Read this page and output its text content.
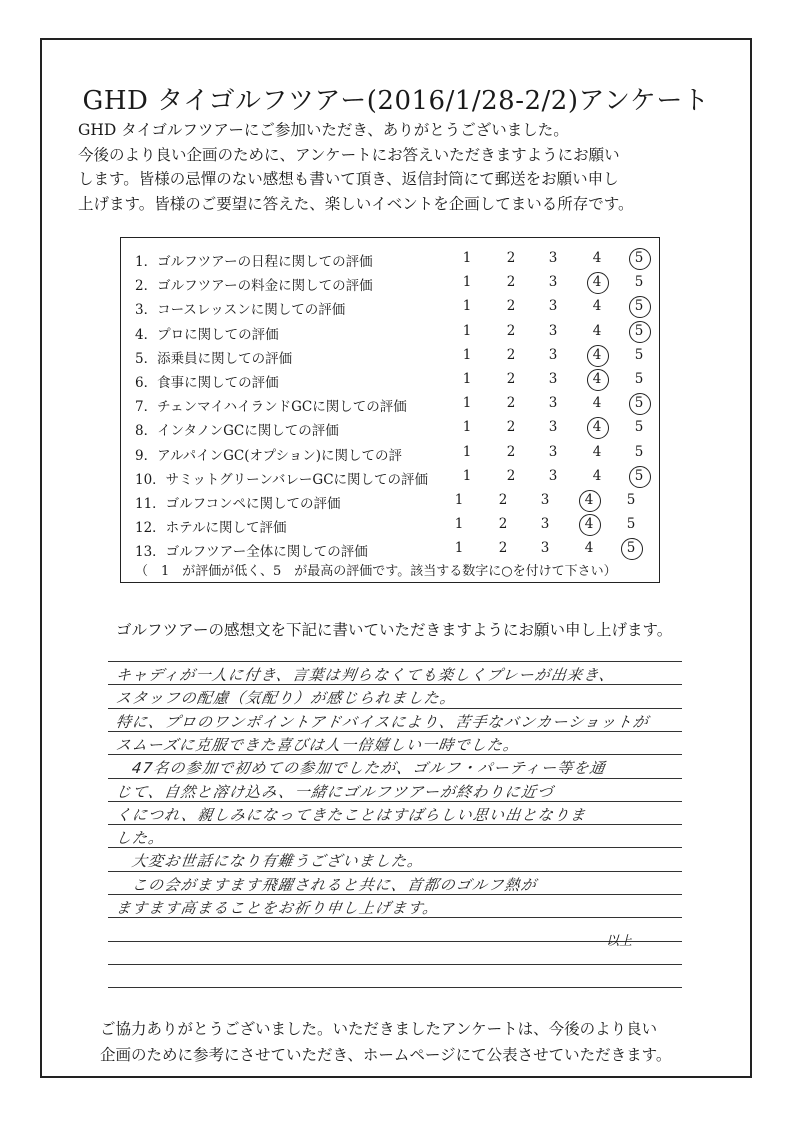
GHD タイゴルフツアー(2016/1/28-2/2)アンケート
GHD タイゴルフツアーにご参加いただき、ありがとうございました。
今後のより良い企画のために、アンケートにお答えいただきますようにお願い
します。皆様の忌憚のない感想も書いて頂き、返信封筒にて郵送をお願い申し
上げます。皆様のご要望に答えた、楽しいイベントを企画してまいる所存です。
（　1　が評価が低く、5　が最高の評価です。該当する数字に○を付けて下さい）
1．ゴルフツアーの日程に関しての評価	1	2	3	4	5
2．ゴルフツアーの料金に関しての評価	1	2	3	4	5
3．コースレッスンに関しての評価	1	2	3	4	5
4．プロに関しての評価	1	2	3	4	5
5．添乗員に関しての評価	1	2	3	4	5
6．食事に関しての評価	1	2	3	4	5
7．チェンマイハイランドGCに関しての評価	1	2	3	4	5
8．インタノンGCに関しての評価	1	2	3	4	5
9．アルパインGC(オプション)に関しての評	1	2	3	4	5
10．サミットグリーンバレーGCに関しての評価	1	2	3	4	5
11．ゴルフコンペに関しての評価	1	2	3	4	5
12．ホテルに関して評価	1	2	3	4	5
13．ゴルフツアー全体に関しての評価	1	2	3	4	5
ゴルフツアーの感想文を下記に書いていただきますようにお願い申し上げます。
キャディが一人に付き、言葉は判らなくても楽しくプレーが出来き、
スタッフの配慮（気配り）が感じられました。
特に、プロのワンポイントアドバイスにより、苦手なバンカーショットが
スムーズに克服できた喜びは人一倍嬉しい一時でした。
47名の参加で初めての参加でしたが、ゴルフ・パーティー等を通
じて、自然と溶け込み、一緒にゴルフツアーが終わりに近づ
くにつれ、親しみになってきたことはすばらしい思い出となりま
した。
大変お世話になり有難うございました。
この会がますます飛躍されると共に、首都のゴルフ熱が
ますます高まることをお祈り申し上げます。
以上
ご協力ありがとうございました。いただきましたアンケートは、今後のより良い
企画のために参考にさせていただき、ホームページにて公表させていただきます。
